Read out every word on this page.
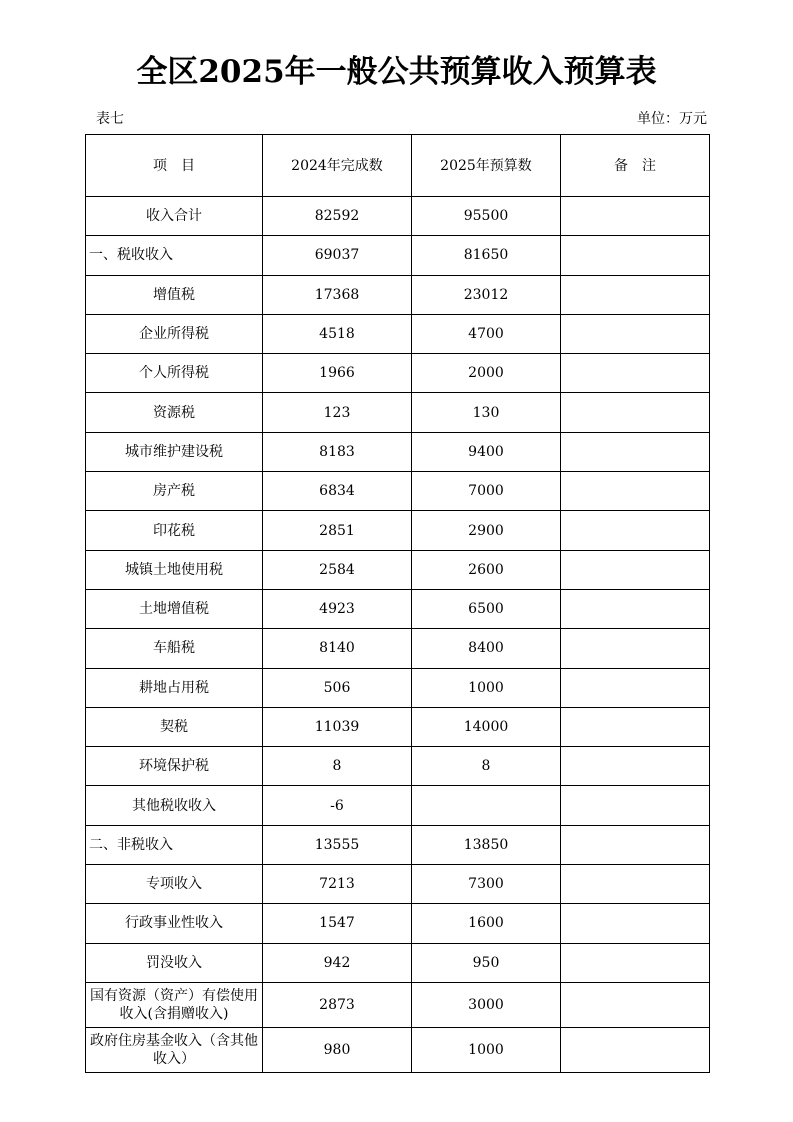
全区2025年一般公共预算收入预算表
表七	单位：万元
项　目	2024年完成数	2025年预算数	备　注
收入合计	82592	95500	
一、税收收入	69037	81650	
增值税	17368	23012	
企业所得税	4518	4700	
个人所得税	1966	2000	
资源税	123	130	
城市维护建设税	8183	9400	
房产税	6834	7000	
印花税	2851	2900	
城镇土地使用税	2584	2600	
土地增值税	4923	6500	
车船税	8140	8400	
耕地占用税	506	1000	
契税	11039	14000	
环境保护税	8	8	
其他税收收入	-6		
二、非税收入	13555	13850	
专项收入	7213	7300	
行政事业性收入	1547	1600	
罚没收入	942	950	
国有资源（资产）有偿使用收入(含捐赠收入)	2873	3000	
政府住房基金收入（含其他收入）	980	1000	
